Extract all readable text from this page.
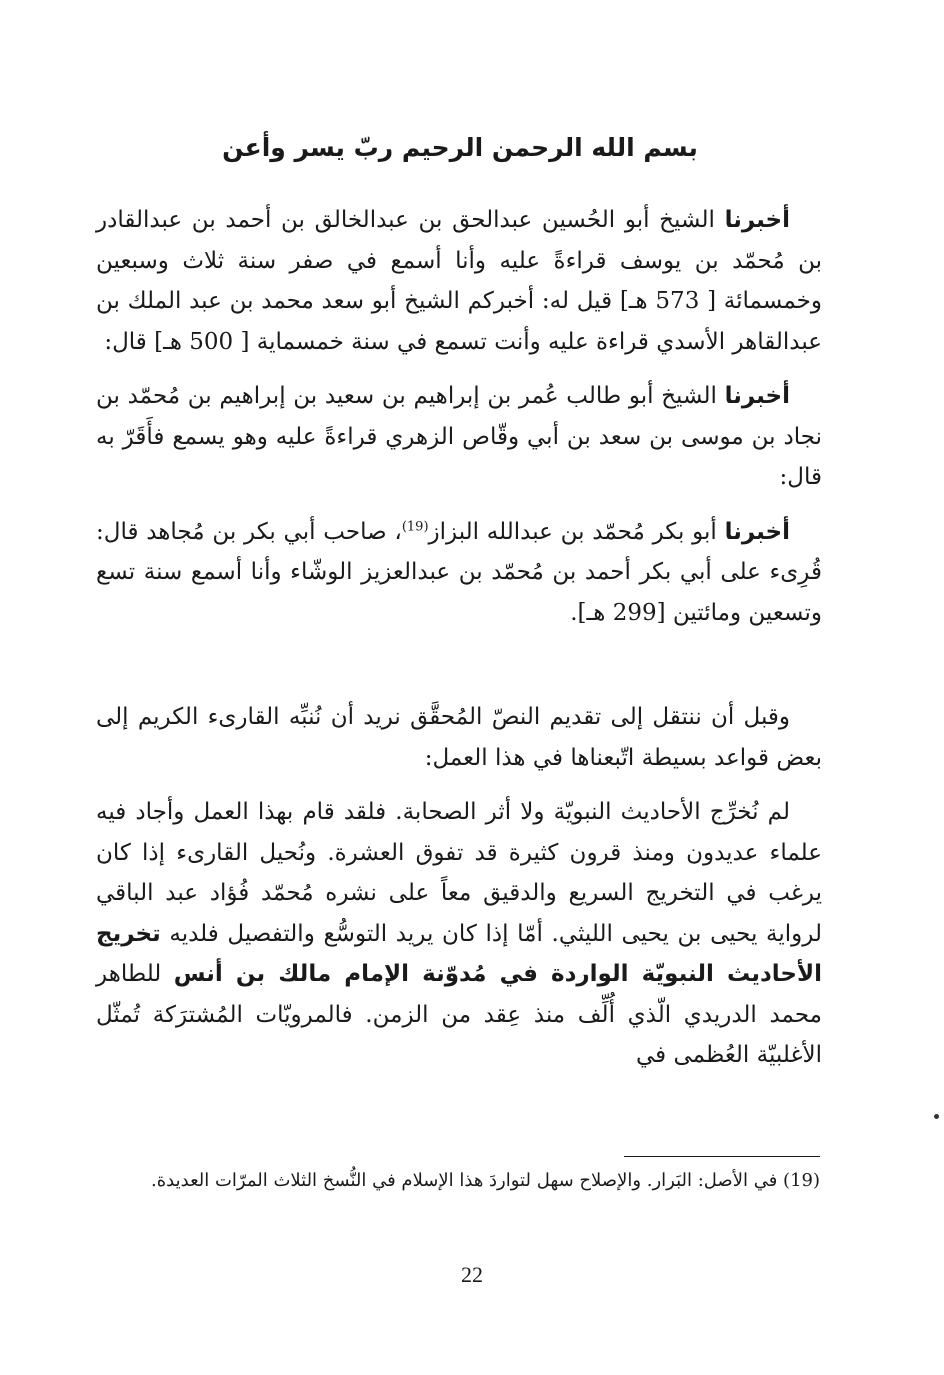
بسم الله الرحمن الرحيم ربّ يسر وأعن

أخبرنا الشيخ أبو الحُسين عبدالحق بن عبدالخالق بن أحمد بن عبدالقادر بن مُحمّد بن يوسف قراءةً عليه وأنا أسمع في صفر سنة ثلاث وسبعين وخمسمائة [ 573 هـ] قيل له: أخبركم الشيخ أبو سعد محمد بن عبد الملك بن عبدالقاهر الأسدي قراءة عليه وأنت تسمع في سنة خمسماية [ 500 هـ] قال:

أخبرنا الشيخ أبو طالب عُمر بن إبراهيم بن سعيد بن إبراهيم بن مُحمّد بن نجاد بن موسى بن سعد بن أبي وقّاص الزهري قراءةً عليه وهو يسمع فأَقَرّ به قال:

أخبرنا أبو بكر مُحمّد بن عبدالله البزاز$^{(19)}$، صاحب أبي بكر بن مُجاهد قال: قُرِىء على أبي بكر أحمد بن مُحمّد بن عبدالعزيز الوشّاء وأنا أسمع سنة تسع وتسعين ومائتين [299 هـ].

وقبل أن ننتقل إلى تقديم النصّ المُحقَّق نريد أن نُنبِّه القارىء الكريم إلى بعض قواعد بسيطة اتّبعناها في هذا العمل:

لم نُخرِّج الأحاديث النبويّة ولا أثر الصحابة. فلقد قام بهذا العمل وأجاد فيه علماء عديدون ومنذ قرون كثيرة قد تفوق العشرة. ونُحيل القارىء إذا كان يرغب في التخريج السريع والدقيق معاً على نشره مُحمّد فُؤاد عبد الباقي لرواية يحيى بن يحيى الليثي. أمّا إذا كان يريد التوسُّع والتفصيل فلديه تخريج الأحاديث النبويّة الواردة في مُدوّنة الإمام مالك بن أنس للطاهر محمد الدريدي الّذي أُلِّف منذ عِقد من الزمن. فالمرويّات المُشترَكة تُمثّل الأغلبيّة العُظمى في

(19) في الأصل: البَرار. والإصلاح سهل لتواردَ هذا الإسلام في النُّسخ الثلاث المرّات العديدة.

22
